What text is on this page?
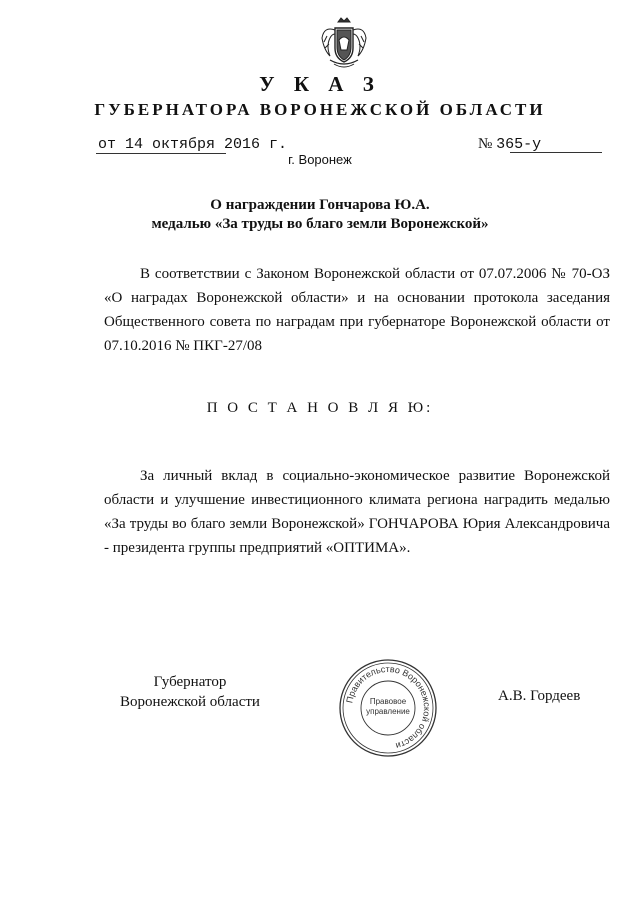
У К А З
ГУБЕРНАТОРА ВОРОНЕЖСКОЙ ОБЛАСТИ
от 14 октября 2016 г.	№ 365-у
г. Воронеж
О награждении Гончарова Ю.А.
медалью «За труды во благо земли Воронежской»
В соответствии с Законом Воронежской области от 07.07.2006 № 70-ОЗ «О наградах Воронежской области» и на основании протокола заседания Общественного совета по наградам при губернаторе Воронежской области от 07.10.2016 № ПКГ-27/08
П О С Т А Н О В Л Я Ю:
За личный вклад в социально-экономическое развитие Воронежской области и улучшение инвестиционного климата региона наградить медалью «За труды во благо земли Воронежской» ГОНЧАРОВА Юрия Александровича - президента группы предприятий «ОПТИМА».
Губернатор
Воронежской области	Правительство Воронежской области
Правовое
управление
А.В. Гордеев
